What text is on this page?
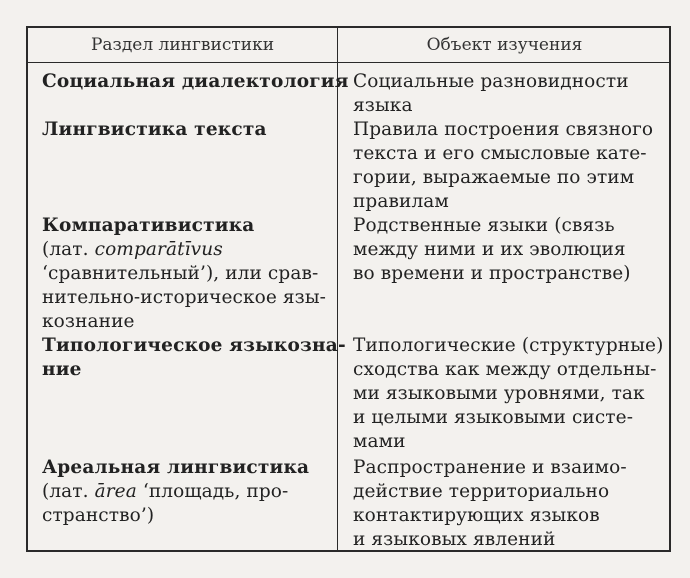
Раздел лингвистики	Объект изучения
Социальная диалектология Социальные разновидности
языка
Лингвистика текста	Правила построения связного
текста и его смысловые кате-
гории, выражаемые по этим
правилам
Компаративистика
(лат. comparātīvus
‘сравнительный’), или срав-
нительно-историческое язы-
кознание
Родственные языки (связь
между ними и их эволюция
во времени и пространстве)
Типологическое языкозна-
ние
Типологические (структурные)
сходства как между отдельны-
ми языковыми уровнями, так
и целыми языковыми систе-
мами
Ареальная лингвистика
(лат. ārea ‘площадь, про-
странство’)
Распространение и взаимо-
действие территориально
контактирующих языков
и языковых явлений
